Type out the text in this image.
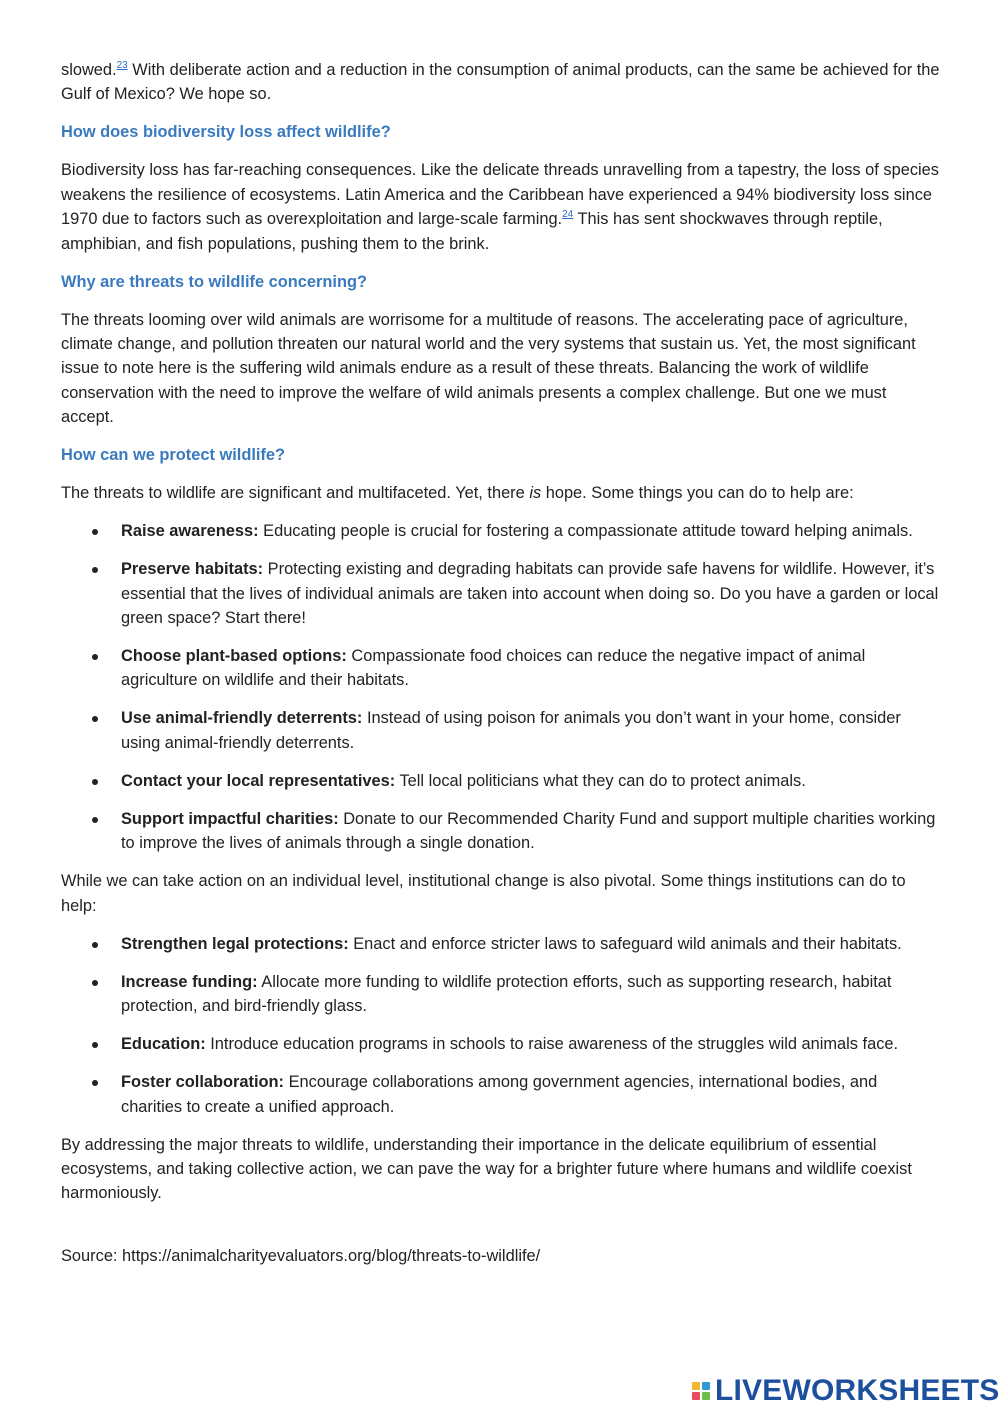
slowed.$^{23}$ With deliberate action and a reduction in the consumption of animal products, can the same be achieved for the Gulf of Mexico? We hope so.

How does biodiversity loss affect wildlife?

Biodiversity loss has far-reaching consequences. Like the delicate threads unravelling from a tapestry, the loss of species weakens the resilience of ecosystems. Latin America and the Caribbean have experienced a 94% biodiversity loss since 1970 due to factors such as overexploitation and large-scale farming.$^{24}$ This has sent shockwaves through reptile, amphibian, and fish populations, pushing them to the brink.

Why are threats to wildlife concerning?

The threats looming over wild animals are worrisome for a multitude of reasons. The accelerating pace of agriculture, climate change, and pollution threaten our natural world and the very systems that sustain us. Yet, the most significant issue to note here is the suffering wild animals endure as a result of these threats. Balancing the work of wildlife conservation with the need to improve the welfare of wild animals presents a complex challenge. But one we must accept.

How can we protect wildlife?

The threats to wildlife are significant and multifaceted. Yet, there is hope. Some things you can do to help are:

Raise awareness: Educating people is crucial for fostering a compassionate attitude toward helping animals.
Preserve habitats: Protecting existing and degrading habitats can provide safe havens for wildlife. However, it’s essential that the lives of individual animals are taken into account when doing so. Do you have a garden or local green space? Start there!
Choose plant-based options: Compassionate food choices can reduce the negative impact of animal agriculture on wildlife and their habitats.
Use animal-friendly deterrents: Instead of using poison for animals you don’t want in your home, consider using animal-friendly deterrents.
Contact your local representatives: Tell local politicians what they can do to protect animals.
Support impactful charities: Donate to our Recommended Charity Fund and support multiple charities working to improve the lives of animals through a single donation.

While we can take action on an individual level, institutional change is also pivotal. Some things institutions can do to help:

Strengthen legal protections: Enact and enforce stricter laws to safeguard wild animals and their habitats.
Increase funding: Allocate more funding to wildlife protection efforts, such as supporting research, habitat protection, and bird-friendly glass.
Education: Introduce education programs in schools to raise awareness of the struggles wild animals face.
Foster collaboration: Encourage collaborations among government agencies, international bodies, and charities to create a unified approach.

By addressing the major threats to wildlife, understanding their importance in the delicate equilibrium of essential ecosystems, and taking collective action, we can pave the way for a brighter future where humans and wildlife coexist harmoniously.

Source: https://animalcharityevaluators.org/blog/threats-to-wildlife/

LIVEWORKSHEETS
